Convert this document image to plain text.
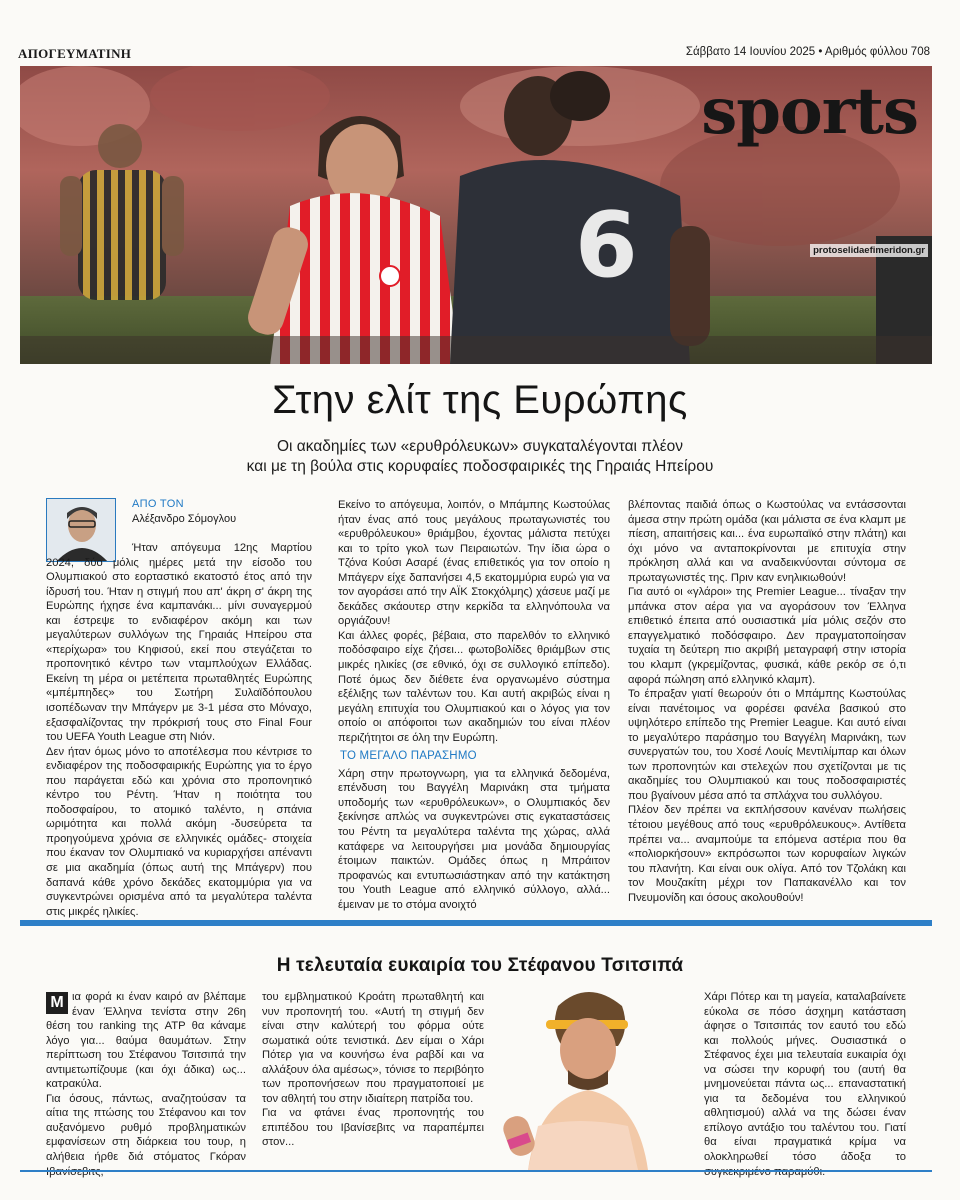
ΑΠΟΓΕΥΜΑΤΙΝΗ	Σάββατο 14 Ιουνίου 2025 • Αριθμός φύλλου 708
6
sports
protoselidaefimeridon.gr
Στην ελίτ της Ευρώπης
Οι ακαδημίες των «ερυθρόλευκων» συγκαταλέγονται πλέον
και με τη βούλα στις κορυφαίες ποδοσφαιρικές της Γηραιάς Ηπείρου
ΑΠΟ ΤΟΝ
Αλέξανδρο Σόμογλου

Ήταν απόγευμα 12ης Μαρτίου 2024, δύο μόλις ημέρες μετά την είσοδο του Ολυμπιακού στο εορταστικό εκατοστό έτος από την ίδρυσή του. Ήταν η στιγμή που απ' άκρη σ' άκρη της Ευρώπης ήχησε ένα καμπανάκι... μίνι συναγερμού και έστρεψε το ενδιαφέρον ακόμη και των μεγαλύτερων συλλόγων της Γηραιάς Ηπείρου στα «περίχωρα» του Κηφισού, εκεί που στεγάζεται το προπονητικό κέντρο των νταμπλούχων Ελλάδας. Εκείνη τη μέρα οι μετέπειτα πρωταθλητές Ευρώπης «μπέμπηδες» του Σωτήρη Συλαϊδόπουλου ισοπέδωναν την Μπάγερν με 3-1 μέσα στο Μόναχο, εξασφαλίζοντας την πρόκρισή τους στο Final Four του UEFA Youth League στη Νιόν.

Δεν ήταν όμως μόνο το αποτέλεσμα που κέντρισε το ενδιαφέρον της ποδοσφαιρικής Ευρώπης για το έργο που παράγεται εδώ και χρόνια στο προπονητικό κέντρο του Ρέντη. Ήταν η ποιότητα του ποδοσφαίρου, το ατομικό ταλέντο, η σπάνια ωριμότητα και πολλά ακόμη -δυσεύρετα τα προηγούμενα χρόνια σε ελληνικές ομάδες- στοιχεία που έκαναν τον Ολυμπιακό να κυριαρχήσει απέναντι σε μια ακαδημία (όπως αυτή της Μπάγερν) που δαπανά κάθε χρόνο δεκάδες εκατομμύρια για να συγκεντρώνει ορισμένα από τα μεγαλύτερα ταλέντα στις μικρές ηλικίες.

Εκείνο το απόγευμα, λοιπόν, ο Μπάμπης Κωστούλας ήταν ένας από τους μεγάλους πρωταγωνιστές του «ερυθρόλευκου» θριάμβου, έχοντας μάλιστα πετύχει και το τρίτο γκολ των Πειραιωτών. Την ίδια ώρα ο Τζόνα Κούσι Ασαρέ (ένας επιθετικός για τον οποίο η Μπάγερν είχε δαπανήσει 4,5 εκατομμύρια ευρώ για να τον αγοράσει από την ΑΪΚ Στοκχόλμης) χάσευε μαζί με δεκάδες σκάουτερ στην κερκίδα τα ελληνόπουλα να οργιάζουν!

Και άλλες φορές, βέβαια, στο παρελθόν το ελληνικό ποδόσφαιρο είχε ζήσει... φωτοβολίδες θριάμβων στις μικρές ηλικίες (σε εθνικό, όχι σε συλλογικό επίπεδο). Ποτέ όμως δεν διέθετε ένα οργανωμένο σύστημα εξέλιξης των ταλέντων του. Και αυτή ακριβώς είναι η μεγάλη επιτυχία του Ολυμπιακού και ο λόγος για τον οποίο οι απόφοιτοι των ακαδημιών του είναι πλέον περιζήτητοι σε όλη την Ευρώπη.

ΤΟ ΜΕΓΑΛΟ ΠΑΡΑΣΗΜΟ

Χάρη στην πρωτογνωρη, για τα ελληνικά δεδομένα, επένδυση του Βαγγέλη Μαρινάκη στα τμήματα υποδομής των «ερυθρόλευκων», ο Ολυμπιακός δεν ξεκίνησε απλώς να συγκεντρώνει στις εγκαταστάσεις του Ρέντη τα μεγαλύτερα ταλέντα της χώρας, αλλά κατάφερε να λειτουργήσει μια μονάδα δημιουργίας έτοιμων παικτών. Ομάδες όπως η Μπράιτον προφανώς και εντυπωσιάστηκαν από την κατάκτηση του Youth League από ελληνικό σύλλογο, αλλά... έμειναν με το στόμα ανοιχτό

βλέποντας παιδιά όπως ο Κωστούλας να εντάσσονται άμεσα στην πρώτη ομάδα (και μάλιστα σε ένα κλαμπ με πίεση, απαιτήσεις και... ένα ευρωπαϊκό στην πλάτη) και όχι μόνο να ανταποκρίνονται με επιτυχία στην πρόκληση αλλά και να αναδεικνύονται σύντομα σε πρωταγωνιστές της. Πριν καν ενηλικιωθούν!

Για αυτό οι «γλάροι» της Premier League... τίναξαν την μπάνκα στον αέρα για να αγοράσουν τον Έλληνα επιθετικό έπειτα από ουσιαστικά μία μόλις σεζόν στο επαγγελματικό ποδόσφαιρο. Δεν πραγματοποίησαν τυχαία τη δεύτερη πιο ακριβή μεταγραφή στην ιστορία του κλαμπ (γκρεμίζοντας, φυσικά, κάθε ρεκόρ σε ό,τι αφορά πώληση από ελληνικό κλαμπ).

Το έπραξαν γιατί θεωρούν ότι ο Μπάμπης Κωστούλας είναι πανέτοιμος να φορέσει φανέλα βασικού στο υψηλότερο επίπεδο της Premier League. Και αυτό είναι το μεγαλύτερο παράσημο του Βαγγέλη Μαρινάκη, των συνεργατών του, του Χοσέ Λουίς Μεντιλίμπαρ και όλων των προπονητών και στελεχών που σχετίζονται με τις ακαδημίες του Ολυμπιακού και τους ποδοσφαιριστές που βγαίνουν μέσα από τα σπλάχνα του συλλόγου.

Πλέον δεν πρέπει να εκπλήσσουν κανέναν πωλήσεις τέτοιου μεγέθους από τους «ερυθρόλευκους». Αντίθετα πρέπει να... αναμπούμε τα επόμενα αστέρια που θα «πολιορκήσουν» εκπρόσωποι των κορυφαίων λιγκών του πλανήτη. Και είναι ουκ ολίγα. Από τον Τζολάκη και τον Μουζακίτη μέχρι τον Παπακανέλλο και τον Πνευμονίδη και όσους ακολουθούν!

Η τελευταία ευκαιρία του Στέφανου Τσιτσιπά
Μ ια φορά κι έναν καιρό αν βλέπαμε έναν Έλληνα τενίστα στην 26η θέση του ranking της ATP θα κάναμε λόγο για... θαύμα θαυμάτων. Στην περίπτωση του Στέφανου Τσιτσιπά την αντιμετωπίζουμε (και όχι άδικα) ως... κατρακύλα.

Για όσους, πάντως, αναζητούσαν τα αίτια της πτώσης του Στέφανου και τον αυξανόμενο ρυθμό προβληματικών εμφανίσεων στη διάρκεια του τουρ, η αλήθεια ήρθε διά στόματος Γκόραν

του εμβληματικού Κροάτη πρωταθλητή και νυν προπονητή του. «Αυτή τη στιγμή δεν είναι στην καλύτερή του φόρμα ούτε σωματικά ούτε τενιστικά. Δεν είμαι ο Χάρι Πότερ για να κουνήσω ένα ραβδί και να αλλάξουν όλα αμέσως», τόνισε το περιβόητο των προπονήσεων που πραγματοποιεί με τον αθλητή του στην ιδιαίτερη πατρίδα του.

Για να φτάνει ένας προπονητής του επιπέδου του Ιβανίσεβιτς να παραπέμπει στον...

Χάρι Πότερ και τη μαγεία, καταλαβαίνετε εύκολα σε πόσο άσχημη κατάσταση άφησε ο Τσιτσιπάς τον εαυτό του εδώ και πολλούς μήνες. Ουσιαστικά ο Στέφανος έχει μια τελευταία ευκαιρία όχι να σώσει την κορυφή του (αυτή θα μνημονεύεται πάντα ως... επαναστατική για τα δεδομένα του ελληνικού αθλητισμού) αλλά να της δώσει έναν επίλογο αντάξιο του ταλέντου του. Γιατί θα είναι πραγματικά κρίμα να ολοκληρωθεί τόσο άδοξα το
